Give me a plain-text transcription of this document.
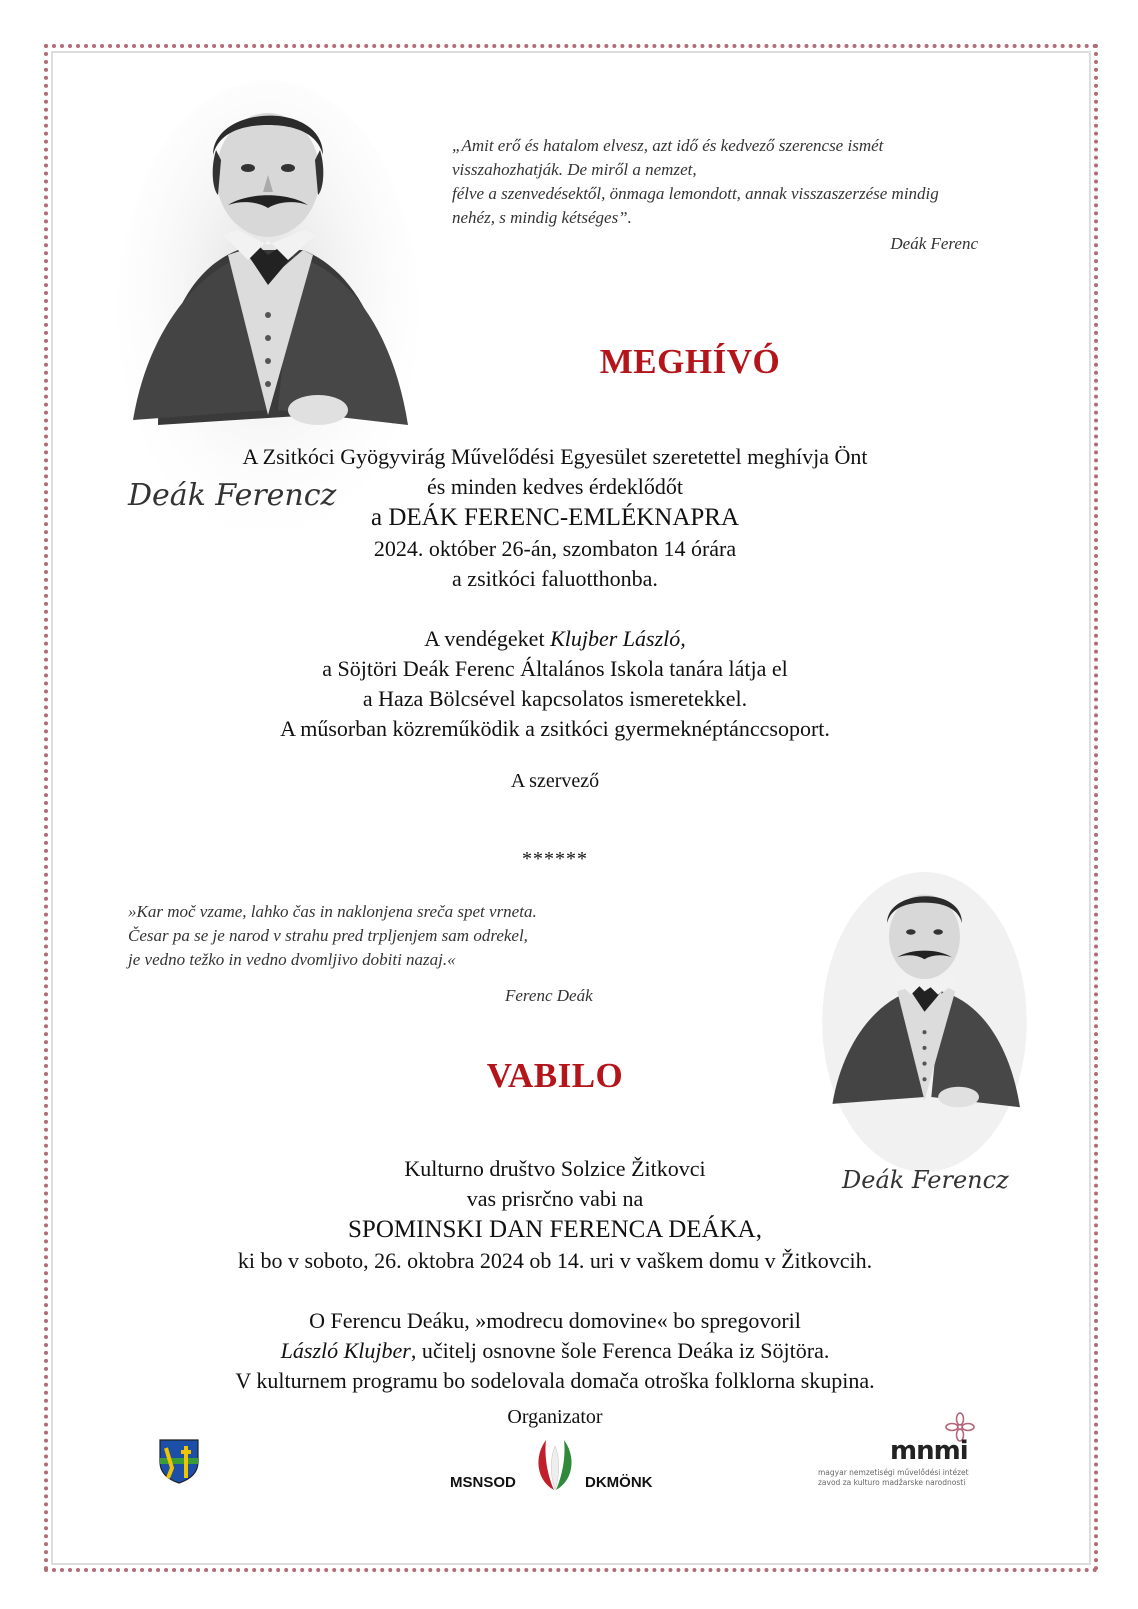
Deák Ferencz
„Amit erő és hatalom elvesz, azt idő és kedvező szerencse ismét
visszahozhatják. De miről a nemzet,
félve a szenvedésektől, önmaga lemondott, annak visszaszerzése mindig
nehéz, s mindig kétséges”.
Deák Ferenc
MEGHÍVÓ
A Zsitkóci Gyögyvirág Művelődési Egyesület szeretettel meghívja Önt
és minden kedves érdeklődőt
a DEÁK FERENC-EMLÉKNAPRA
2024. október 26-án, szombaton 14 órára
a zsitkóci faluotthonba.
A vendégeket Klujber László,
a Söjtöri Deák Ferenc Általános Iskola tanára látja el
a Haza Bölcsével kapcsolatos ismeretekkel.
A műsorban közreműködik a zsitkóci gyermeknéptánccsoport.
A szervező
******
»Kar moč vzame, lahko čas in naklonjena sreča spet vrneta.
Česar pa se je narod v strahu pred trpljenjem sam odrekel,
je vedno težko in vedno dvomljivo dobiti nazaj.«
Ferenc Deák
Deák Ferencz
VABILO
Kulturno društvo Solzice Žitkovci
vas prisrčno vabi na
SPOMINSKI DAN FERENCA DEÁKA,
ki bo v soboto, 26. oktobra 2024 ob 14. uri v vaškem domu v Žitkovcih.
O Ferencu Deáku, »modrecu domovine« bo spregovoril
László Klujber, učitelj osnovne šole Ferenca Deáka iz Söjtöra.
V kulturnem programu bo sodelovala domača otroška folklorna skupina.
Organizator
MSNSOD	DKMÖNK
mnmi
magyar nemzetiségi művelődési intézet
zavod za kulturo madžarske narodnosti
